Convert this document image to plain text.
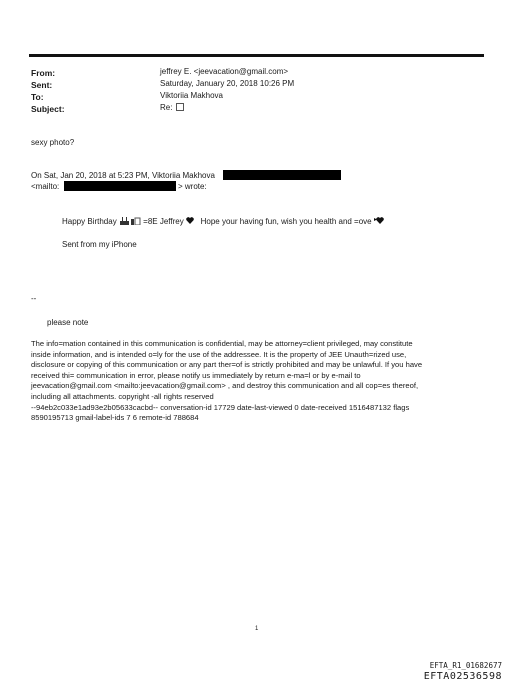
From:	jeffrey E. <jeevacation@gmail.com>
Sent:	Saturday, January 20, 2018 10:26 PM
To:	Viktoriia Makhova
Subject:	Re:
sexy photo?
On Sat, Jan 20, 2018 at 5:23 PM, Viktoriia Makhova
<mailto:	> wrote:
Happy Birthday	=8E Jeffrey Hope your having fun, wish you health and =ove
Sent from my iPhone
--
please note
The info=mation contained in this communication is confidential, may be attorney=client privileged, may constitute
inside information, and is intended o=ly for the use of the addressee. It is the property of JEE Unauth=rized use,
disclosure or copying of this communication or any part ther=of is strictly prohibited and may be unlawful. If you have
received thi= communication in error, please notify us immediately by return e-ma=l or by e-mail to
jeevacation@gmail.com <mailto:jeevacation@gmail.com> , and destroy this communication and all cop=es thereof,
including all attachments. copyright -all rights reserved
--94eb2c033e1ad93e2b05633cacbd-- conversation-id 17729 date-last-viewed 0 date-received 1516487132 flags
8590195713 gmail-label-ids 7 6 remote-id 788684
1
EFTA_R1_01682677
EFTA02536598
